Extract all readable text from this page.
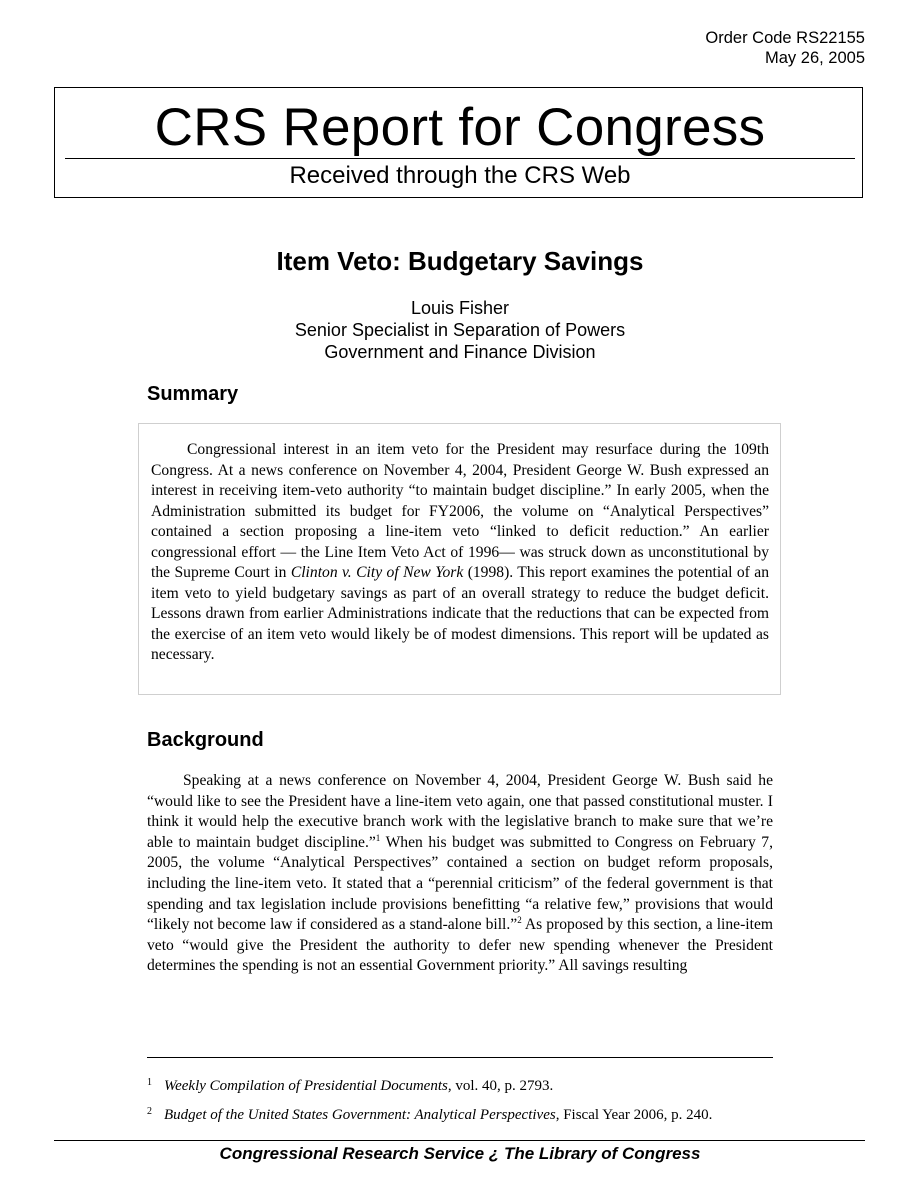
Order Code RS22155
May 26, 2005
CRS Report for Congress
Received through the CRS Web
Item Veto: Budgetary Savings
Louis Fisher
Senior Specialist in Separation of Powers
Government and Finance Division
Summary

Congressional interest in an item veto for the President may resurface during the 109th Congress. At a news conference on November 4, 2004, President George W. Bush expressed an interest in receiving item-veto authority “to maintain budget discipline.” In early 2005, when the Administration submitted its budget for FY2006, the volume on “Analytical Perspectives” contained a section proposing a line-item veto “linked to deficit reduction.” An earlier congressional effort — the Line Item Veto Act of 1996— was struck down as unconstitutional by the Supreme Court in Clinton v. City of New York (1998). This report examines the potential of an item veto to yield budgetary savings as part of an overall strategy to reduce the budget deficit. Lessons drawn from earlier Administrations indicate that the reductions that can be expected from the exercise of an item veto would likely be of modest dimensions. This report will be updated as necessary.

Background

Speaking at a news conference on November 4, 2004, President George W. Bush said he “would like to see the President have a line-item veto again, one that passed constitutional muster. I think it would help the executive branch work with the legislative branch to make sure that we’re able to maintain budget discipline.”$^1$ When his budget was submitted to Congress on February 7, 2005, the volume “Analytical Perspectives” contained a section on budget reform proposals, including the line-item veto. It stated that a “perennial criticism” of the federal government is that spending and tax legislation include provisions benefitting “a relative few,” provisions that would “likely not become law if considered as a stand-alone bill.”$^2$ As proposed by this section, a line-item veto “would give the President the authority to defer new spending whenever the President determines the spending is not an essential Government priority.” All savings resulting

1 Weekly Compilation of Presidential Documents, vol. 40, p. 2793.
2 Budget of the United States Government: Analytical Perspectives, Fiscal Year 2006, p. 240.
Congressional Research Service ¿ The Library of Congress
